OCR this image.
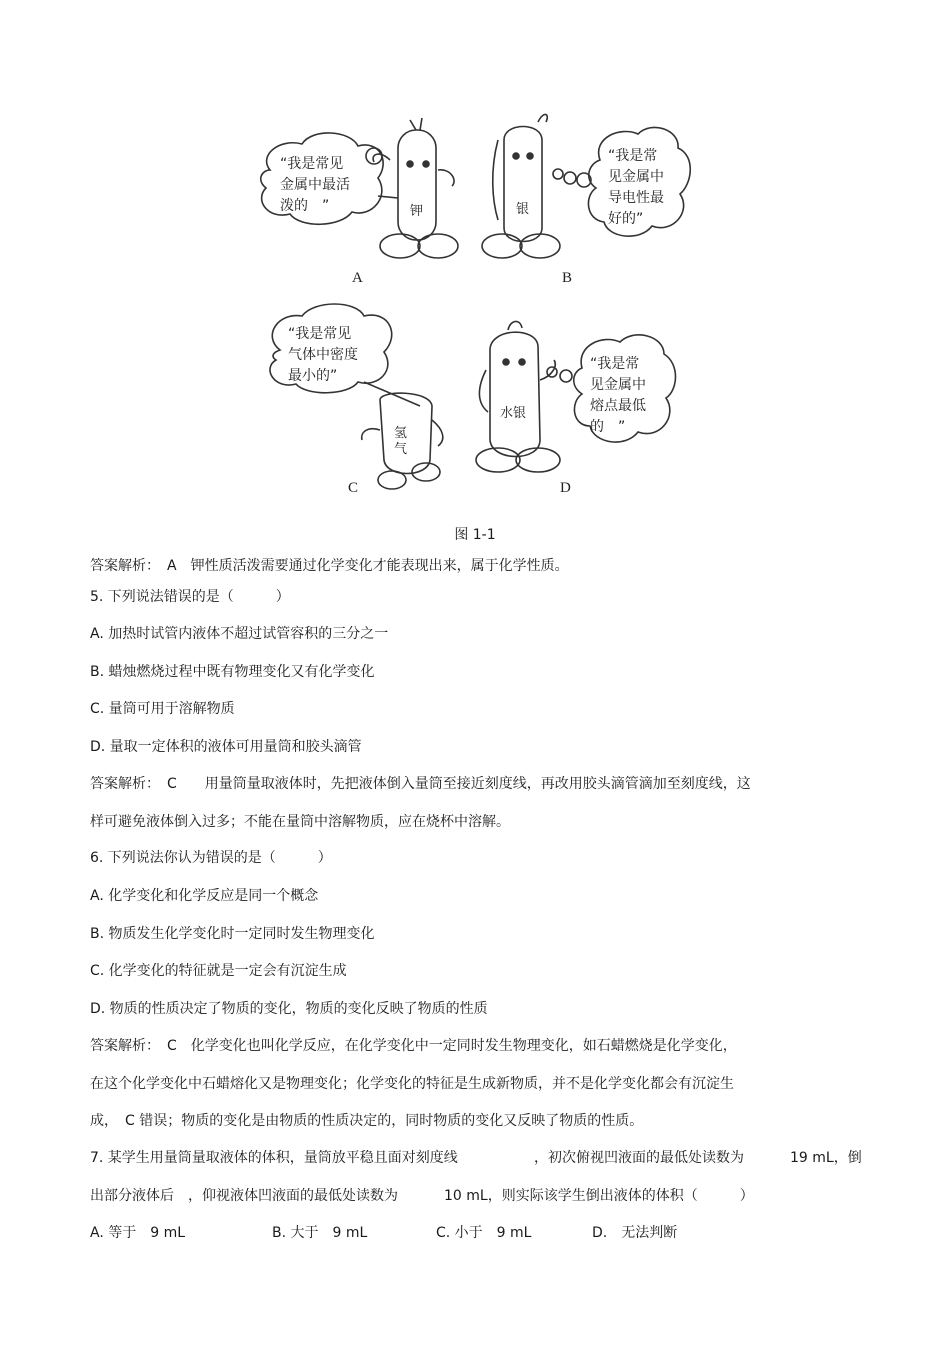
“我是常见
金属中最活
泼的　”	钾
A
“我是常
见金属中
导电性最
好的”
银
B
“我是常见
气体中密度
最小的”
氢
气
C
“我是常
见金属中
熔点最低
的　”
水银
D
图 1-1
答案解析：　A　钾性质活泼需要通过化学变化才能表现出来，属于化学性质。
5. 下列说法错误的是（　　　）
A. 加热时试管内液体不超过试管容积的三分之一
B. 蜡烛燃烧过程中既有物理变化又有化学变化
C. 量筒可用于溶解物质
D. 量取一定体积的液体可用量筒和胶头滴管
答案解析：　C　　用量筒量取液体时，先把液体倒入量筒至接近刻度线，再改用胶头滴管滴加至刻度线，这
样可避免液体倒入过多；不能在量筒中溶解物质，应在烧杯中溶解。
6. 下列说法你认为错误的是（　　　）
A. 化学变化和化学反应是同一个概念
B. 物质发生化学变化时一定同时发生物理变化
C. 化学变化的特征就是一定会有沉淀生成
D. 物质的性质决定了物质的变化，物质的变化反映了物质的性质
答案解析：　C　化学变化也叫化学反应，在化学变化中一定同时发生物理变化，如石蜡燃烧是化学变化，
在这个化学变化中石蜡熔化又是物理变化；化学变化的特征是生成新物质，并不是化学变化都会有沉淀生
成，　C 错误；物质的变化是由物质的性质决定的，同时物质的变化又反映了物质的性质。
7. 某学生用量筒量取液体的体积，量筒放平稳且面对刻度线	，初次俯视凹液面的最低处读数为	19 mL，倒
出部分液体后　，仰视液体凹液面的最低处读数为	10 mL，则实际该学生倒出液体的体积（　　　）
A. 等于　9 mL	B. 大于　9 mL	C. 小于　9 mL	D.　无法判断
